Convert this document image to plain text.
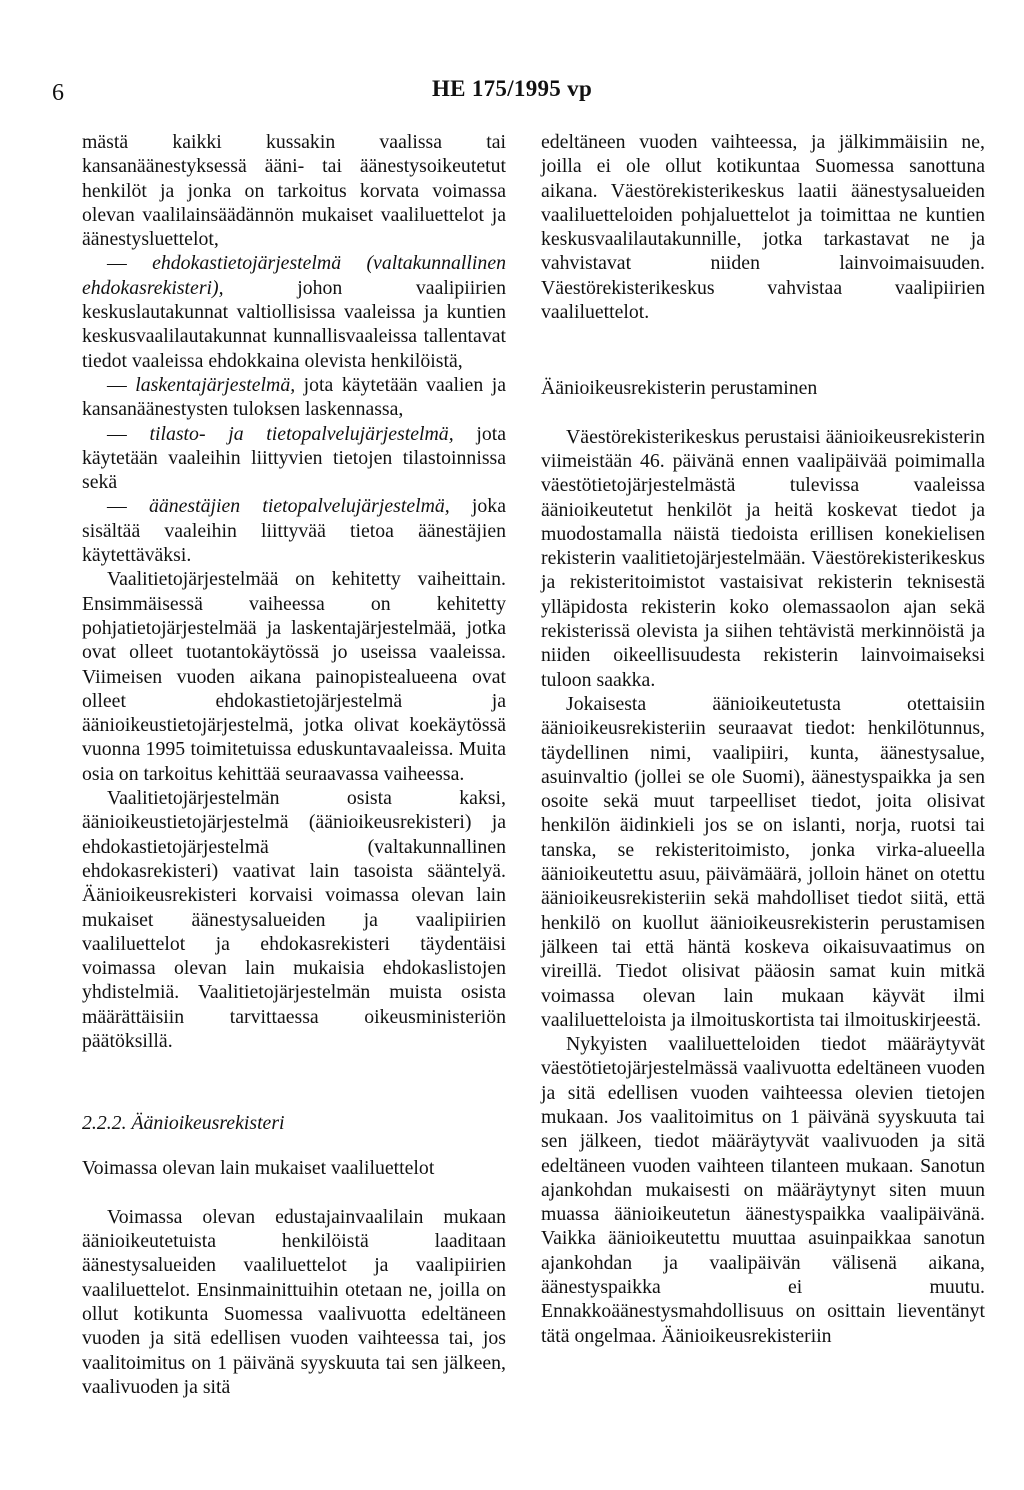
6	HE 175/1995 vp

mästä kaikki kussakin vaalissa tai kansanäänestyksessä ääni- tai äänestysoikeutetut henkilöt ja jonka on tarkoitus korvata voimassa olevan vaalilainsäädännön mukaiset vaaliluettelot ja äänestysluettelot,

— ehdokastietojärjestelmä (valtakunnallinen ehdokasrekisteri), johon vaalipiirien keskuslautakunnat valtiollisissa vaaleissa ja kuntien keskusvaalilautakunnat kunnallisvaaleissa tallentavat tiedot vaaleissa ehdokkaina olevista henkilöistä,

— laskentajärjestelmä, jota käytetään vaalien ja kansanäänestysten tuloksen laskennassa,

— tilasto- ja tietopalvelujärjestelmä, jota käytetään vaaleihin liittyvien tietojen tilastoinnissa sekä

— äänestäjien tietopalvelujärjestelmä, joka sisältää vaaleihin liittyvää tietoa äänestäjien käytettäväksi.

Vaalitietojärjestelmää on kehitetty vaiheittain. Ensimmäisessä vaiheessa on kehitetty pohjatietojärjestelmää ja laskentajärjestelmää, jotka ovat olleet tuotantokäytössä jo useissa vaaleissa. Viimeisen vuoden aikana painopistealueena ovat olleet ehdokastietojärjestelmä ja äänioikeustietojärjestelmä, jotka olivat koekäytössä vuonna 1995 toimitetuissa eduskuntavaaleissa. Muita osia on tarkoitus kehittää seuraavassa vaiheessa.

Vaalitietojärjestelmän osista kaksi, äänioikeustietojärjestelmä (äänioikeusrekisteri) ja ehdokastietojärjestelmä (valtakunnallinen ehdokasrekisteri) vaativat lain tasoista sääntelyä. Äänioikeusrekisteri korvaisi voimassa olevan lain mukaiset äänestysalueiden ja vaalipiirien vaaliluettelot ja ehdokasrekisteri täydentäisi voimassa olevan lain mukaisia ehdokaslistojen yhdistelmiä. Vaalitietojärjestelmän muista osista määrättäisiin tarvittaessa oikeusministeriön päätöksillä.

2.2.2. Äänioikeusrekisteri

Voimassa olevan lain mukaiset vaaliluettelot

Voimassa olevan edustajainvaalilain mukaan äänioikeutetuista henkilöistä laaditaan äänestysalueiden vaaliluettelot ja vaalipiirien vaaliluettelot. Ensinmainittuihin otetaan ne, joilla on ollut kotikunta Suomessa vaalivuotta edeltäneen vuoden ja sitä edellisen vuoden vaihteessa tai, jos vaalitoimitus on 1 päivänä syyskuuta tai sen jälkeen, vaalivuoden ja sitä

edeltäneen vuoden vaihteessa, ja jälkimmäisiin ne, joilla ei ole ollut kotikuntaa Suomessa sanottuna aikana. Väestörekisterikeskus laatii äänestysalueiden vaaliluetteloiden pohjaluettelot ja toimittaa ne kuntien keskusvaalilautakunnille, jotka tarkastavat ne ja vahvistavat niiden lainvoimaisuuden. Väestörekisterikeskus vahvistaa vaalipiirien vaaliluettelot.

Äänioikeusrekisterin perustaminen

Väestörekisterikeskus perustaisi äänioikeusrekisterin viimeistään 46. päivänä ennen vaalipäivää poimimalla väestötietojärjestelmästä tulevissa vaaleissa äänioikeutetut henkilöt ja heitä koskevat tiedot ja muodostamalla näistä tiedoista erillisen konekielisen rekisterin vaalitietojärjestelmään. Väestörekisterikeskus ja rekisteritoimistot vastaisivat rekisterin teknisestä ylläpidosta rekisterin koko olemassaolon ajan sekä rekisterissä olevista ja siihen tehtävistä merkinnöistä ja niiden oikeellisuudesta rekisterin lainvoimaiseksi tuloon saakka.

Jokaisesta äänioikeutetusta otettaisiin äänioikeusrekisteriin seuraavat tiedot: henkilötunnus, täydellinen nimi, vaalipiiri, kunta, äänestysalue, asuinvaltio (jollei se ole Suomi), äänestyspaikka ja sen osoite sekä muut tarpeelliset tiedot, joita olisivat henkilön äidinkieli jos se on islanti, norja, ruotsi tai tanska, se rekisteritoimisto, jonka virka-alueella äänioikeutettu asuu, päivämäärä, jolloin hänet on otettu äänioikeusrekisteriin sekä mahdolliset tiedot siitä, että henkilö on kuollut äänioikeusrekisterin perustamisen jälkeen tai että häntä koskeva oikaisuvaatimus on vireillä. Tiedot olisivat pääosin samat kuin mitkä voimassa olevan lain mukaan käyvät ilmi vaaliluetteloista ja ilmoituskortista tai ilmoituskirjeestä.

Nykyisten vaaliluetteloiden tiedot määräytyvät väestötietojärjestelmässä vaalivuotta edeltäneen vuoden ja sitä edellisen vuoden vaihteessa olevien tietojen mukaan. Jos vaalitoimitus on 1 päivänä syyskuuta tai sen jälkeen, tiedot määräytyvät vaalivuoden ja sitä edeltäneen vuoden vaihteen tilanteen mukaan. Sanotun ajankohdan mukaisesti on määräytynyt siten muun muassa äänioikeutetun äänestyspaikka vaalipäivänä. Vaikka äänioikeutettu muuttaa asuinpaikkaa sanotun ajankohdan ja vaalipäivän välisenä aikana, äänestyspaikka ei muutu. Ennakkoäänestysmahdollisuus on osittain lieventänyt tätä ongelmaa. Äänioikeusrekisteriin
